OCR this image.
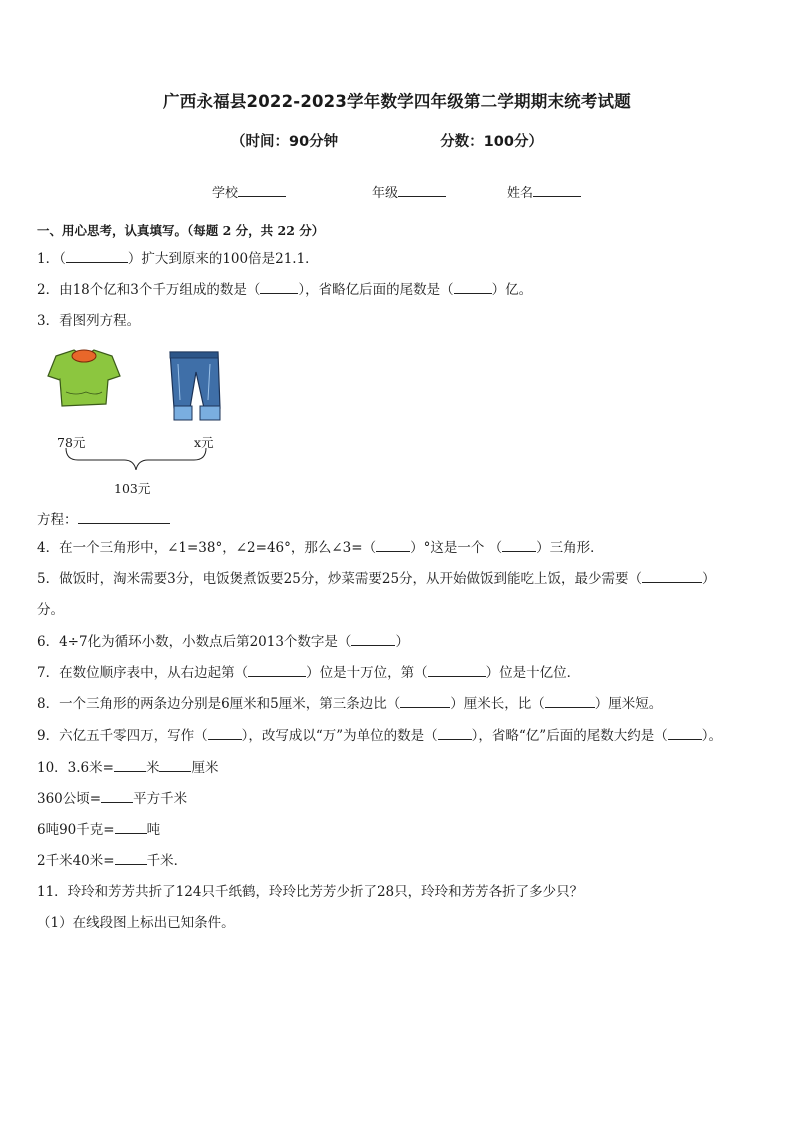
广西永福县2022-2023学年数学四年级第二学期期末统考试题
（时间：90分钟	分数：100分）
学校	年级	姓名
一、用心思考，认真填写。（每题 2 分，共 22 分）
1．（	）扩大到原来的100倍是21.1．
2．由18个亿和3个千万组成的数是（	），省略亿后面的尾数是（	）亿。
3．看图列方程。
78元	x元
103元
方程：
4．在一个三角形中，∠1=38°，∠2=46°，那么∠3=（	）°这是一个 （	）三角形．
5．做饭时，淘米需要3分，电饭煲煮饭要25分，炒菜需要25分，从开始做饭到能吃上饭，最少需要（	）
分。
6．4÷7化为循环小数，小数点后第2013个数字是（	）
7．在数位顺序表中，从右边起第（	）位是十万位，第（	）位是十亿位．
8．一个三角形的两条边分别是6厘米和5厘米，第三条边比（	）厘米长，比（	）厘米短。
9．六亿五千零四万，写作（	），改写成以“万”为单位的数是（	），省略“亿”后面的尾数大约是（	）。
10．3.6米= 米 厘米
360公顷= 平方千米
6吨90千克= 吨
2千米40米= 千米．
11．玲玲和芳芳共折了124只千纸鹤，玲玲比芳芳少折了28只，玲玲和芳芳各折了多少只？
（1）在线段图上标出已知条件。
